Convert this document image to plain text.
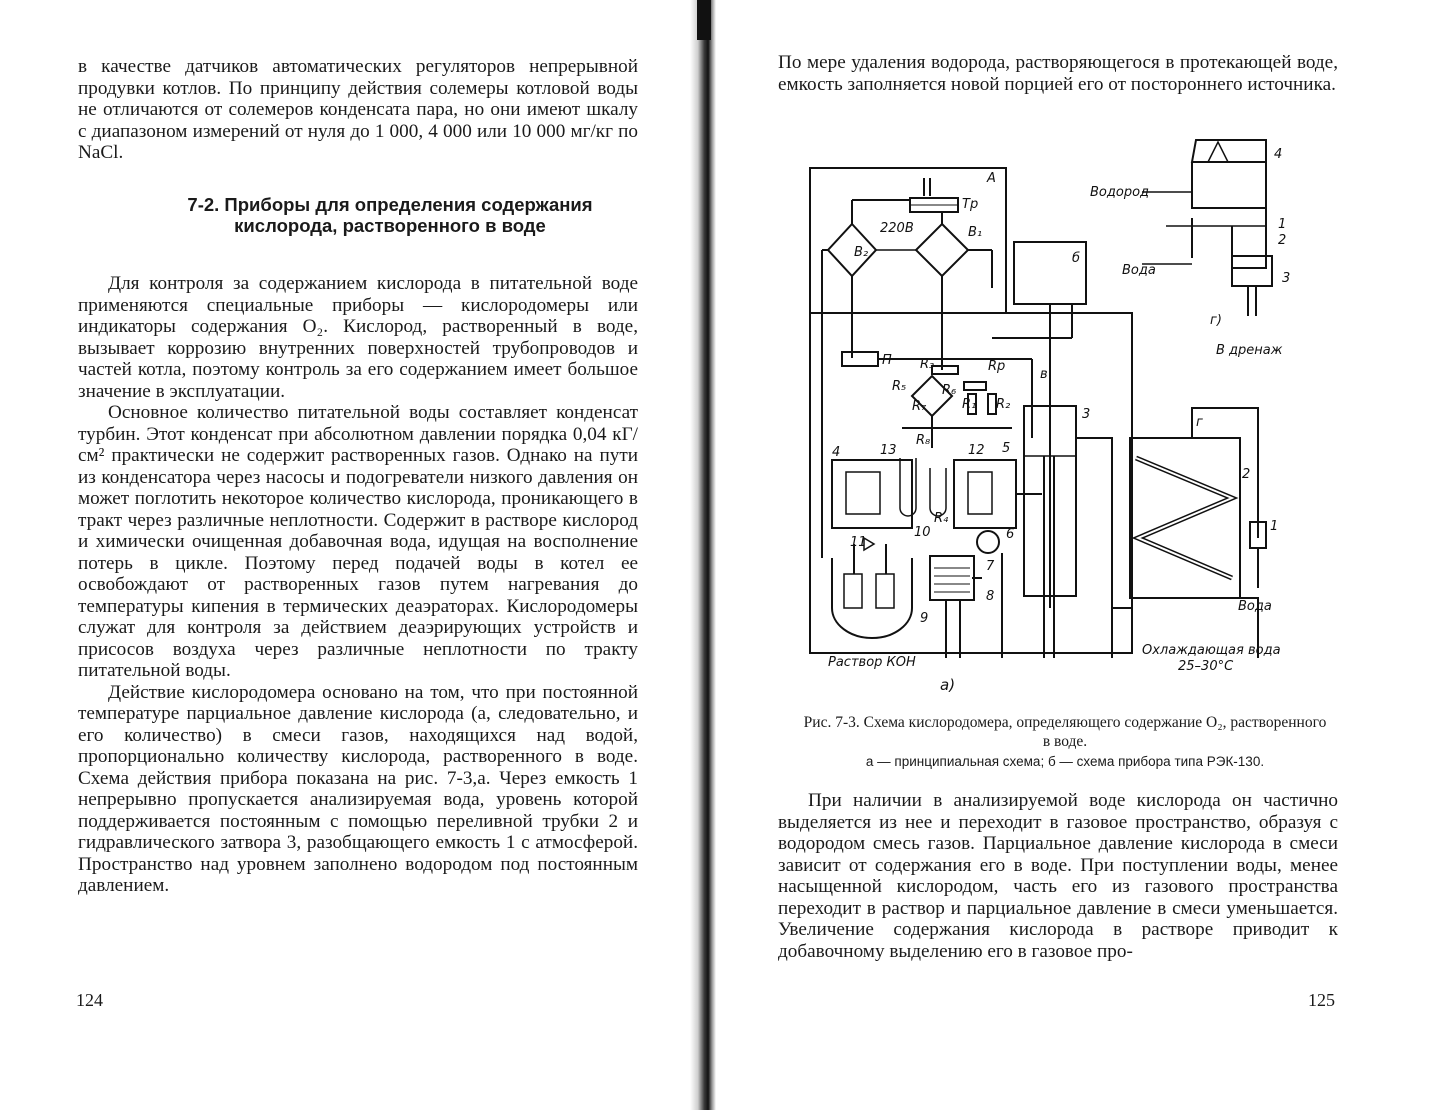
в качестве датчиков автоматических регуляторов непрерывной продувки котлов. По принципу действия солемеры котловой воды не отличаются от солемеров конденсата пара, но они имеют шкалу с диапазоном измерений от нуля до 1 000, 4 000 или 10 000 мг/кг по NaCl.

7-2. Приборы для определения содержания кислорода, растворенного в воде

Для контроля за содержанием кислорода в питательной воде применяются специальные приборы — кислородомеры или индикаторы содержания O₂. Кислород, растворенный в воде, вызывает коррозию внутренних поверхностей трубопроводов и частей котла, поэтому контроль за его содержанием имеет большое значение в эксплуатации.

Основное количество питательной воды составляет конденсат турбин. Этот конденсат при абсолютном давлении порядка 0,04 кГ/см² практически не содержит растворенных газов. Однако на пути из конденсатора через насосы и подогреватели низкого давления он может поглотить некоторое количество кислорода, проникающего в тракт через различные неплотности. Содержит в растворе кислород и химически очищенная добавочная вода, идущая на восполнение потерь в цикле. Поэтому перед подачей воды в котел ее освобождают от растворенных газов путем нагревания до температуры кипения в термических деаэраторах. Кислородомеры служат для контроля за действием деаэрирующих устройств и присосов воздуха через различные неплотности по тракту питательной воды.

Действие кислородомера основано на том, что при постоянной температуре парциальное давление кислорода (а, следовательно, и его количество) в смеси газов, находящихся над водой, пропорционально количеству кислорода, растворенного в воде. Схема действия прибора показана на рис. 7-3,а. Через емкость 1 непрерывно пропускается анализируемая вода, уровень которой поддерживается постоянным с помощью переливной трубки 2 и гидравлического затвора 3, разобщающего емкость 1 с атмосферой. Пространство над уровнем заполнено водородом под постоянным давлением.

124

По мере удаления водорода, растворяющегося в протекающей воде, емкость заполняется новой порцией его от постороннего источника.

А
Тр
В₂
220В	В₁
б
в
П R₃	Rр
R₅	R₆
R₇	R₁ R₂
R₈
R₄
4	13	12 5
6
10
11
7
8
9
3
г
2
1
4
1
2
3
Водород
Вода
г)
В дренаж
Вода
Раствор КОН
Охлаждающая вода
25–30°С
а)
Рис. 7-3. Схема кислородомера, определяющего содержание O₂, растворенного в воде.
а — принципиальная схема; б — схема прибора типа РЭК-130.

При наличии в анализируемой воде кислорода он частично выделяется из нее и переходит в газовое пространство, образуя с водородом смесь газов. Парциальное давление кислорода в смеси зависит от содержания его в воде. При поступлении воды, менее насыщенной кислородом, часть его из газового пространства переходит в раствор и парциальное давление в смеси уменьшается. Увеличение содержания кислорода в растворе приводит к добавочному выделению его в газовое про-

125
